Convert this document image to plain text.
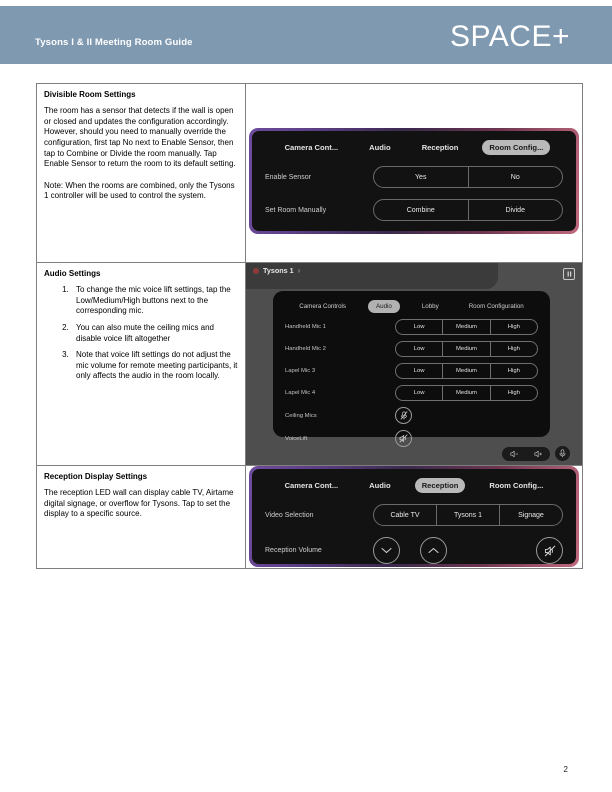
Tysons I & II Meeting Room Guide	SPACE+
Divisible Room Settings

The room has a sensor that detects if the wall is open or closed and updates the configuration accordingly. However, should you need to manually override the configuration, first tap No next to Enable Sensor, then tap to Combine or Divide the room manually. Tap Enable Sensor to return the room to its default setting.

Note: When the rooms are combined, only the Tysons 1 controller will be used to control the system.

Camera Cont...	Audio	Reception	Room Config...
Enable Sensor	Yes	No
Set Room Manually	Combine	Divide

Audio Settings
1. To change the mic voice lift settings, tap the Low/Medium/High buttons next to the corresponding mic.
2. You can also mute the ceiling mics and disable voice lift altogether
3. Note that voice lift settings do not adjust the mic volume for remote meeting participants, it only affects the audio in the room locally.

Tysons 1 ›
Camera Controls	Audio	Lobby	Room Configuration
Handheld Mic 1	Low	Medium	High
Handheld Mic 2	Low	Medium	High
Lapel Mic 3	Low	Medium	High
Lapel Mic 4	Low	Medium	High
Ceiling Mics
VoiceLift

Reception Display Settings

The reception LED wall can display cable TV, Airtame digital signage, or overflow for Tysons. Tap to set the display to a specific source.

Camera Cont...	Audio	Reception	Room Config...
Video Selection	Cable TV	Tysons 1	Signage
Reception Volume
2
